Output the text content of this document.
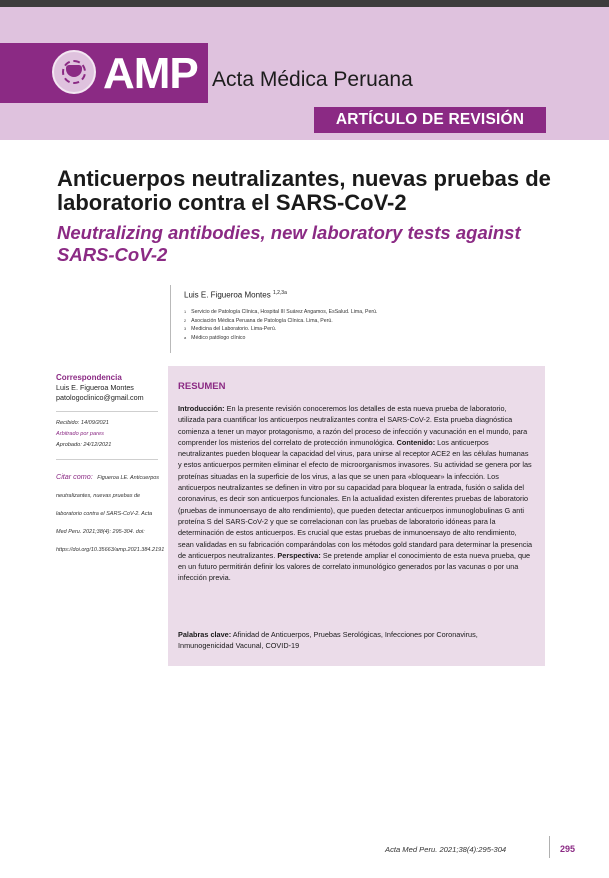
AMP Acta Médica Peruana
ARTÍCULO DE REVISIÓN
Anticuerpos neutralizantes, nuevas pruebas de laboratorio contra el SARS-CoV-2
Neutralizing antibodies, new laboratory tests against SARS-CoV-2
Luis E. Figueroa Montes $^{1,2,3a}$
$^1$ Servicio de Patología Clínica, Hospital III Suárez Angamos, EsSalud. Lima, Perú.
$^2$ Asociación Médica Peruana de Patología Clínica. Lima, Perú.
$^3$ Medicina del Laboratorio. Lima-Perú.
$^a$ Médico patólogo clínico
Correspondencia
Luis E. Figueroa Montes
patologoclinico@gmail.com
Recibido: 14/09/2021
Arbitrado por pares
Aprobado: 24/12/2021
Citar como: Figueroa LE. Anticuerpos neutralizantes, nuevas pruebas de laboratorio contra el SARS-CoV-2. Acta Med Peru. 2021;38(4): 295-304. doi: https://doi.org/10.35663/amp.2021.384.2191
RESUMEN
Introducción: En la presente revisión conoceremos los detalles de esta nueva prueba de laboratorio, utilizada para cuantificar los anticuerpos neutralizantes contra el SARS-CoV-2. Esta prueba diagnóstica comienza a tener un mayor protagonismo, a razón del proceso de infección y vacunación en el mundo, para comprender los misterios del correlato de protección inmunológica. Contenido: Los anticuerpos neutralizantes pueden bloquear la capacidad del virus, para unirse al receptor ACE2 en las células humanas y estos anticuerpos permiten eliminar el efecto de microorganismos invasores. Su actividad se genera por las proteínas situadas en la superficie de los virus, a las que se unen para «bloquear» la infección. Los anticuerpos neutralizantes se definen in vitro por su capacidad para bloquear la entrada, fusión o salida del coronavirus, es decir son anticuerpos funcionales. En la actualidad existen diferentes pruebas de laboratorio (pruebas de inmunoensayo de alto rendimiento), que pueden detectar anticuerpos inmunoglobulinas G anti proteína S del SARS-CoV-2 y que se correlacionan con las pruebas de laboratorio idóneas para la determinación de estos anticuerpos. Es crucial que estas pruebas de inmunoensayo de alto rendimiento, sean validadas en su fabricación comparándolas con los métodos gold standard para determinar la presencia de anticuerpos neutralizantes. Perspectiva: Se pretende ampliar el conocimiento de esta nueva prueba, que en un futuro permitirán definir los valores de correlato inmunológico generados por las vacunas o por una infección previa.
Palabras clave: Afinidad de Anticuerpos, Pruebas Serológicas, Infecciones por Coronavirus, Inmunogenicidad Vacunal, COVID-19
Acta Med Peru. 2021;38(4):295-304	295
